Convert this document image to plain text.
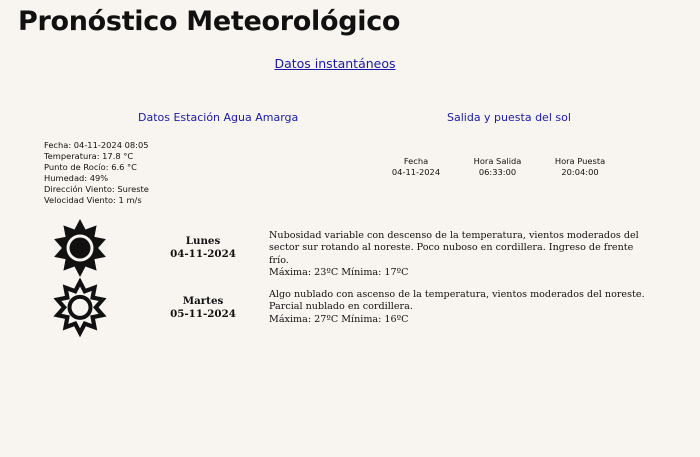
Pronóstico Meteorológico
Datos instantáneos
Datos Estación Agua Amarga	Salida y puesta del sol
Fecha: 04-11-2024 08:05
Temperatura: 17.8 °C
Punto de Rocío: 6.6 °C
Humedad: 49%
Dirección Viento: Sureste
Velocidad Viento: 1 m/s
Fecha	Hora Salida	Hora Puesta
04-11-2024	06:33:00	20:04:00
Lunes
04-11-2024
Nubosidad variable con descenso de la temperatura, vientos moderados del sector sur rotando al noreste. Poco nuboso en cordillera. Ingreso de frente frío.
Máxima: 23ºC Mínima: 17ºC
Martes
05-11-2024
Algo nublado con ascenso de la temperatura, vientos moderados del noreste. Parcial nublado en cordillera.
Máxima: 27ºC Mínima: 16ºC
